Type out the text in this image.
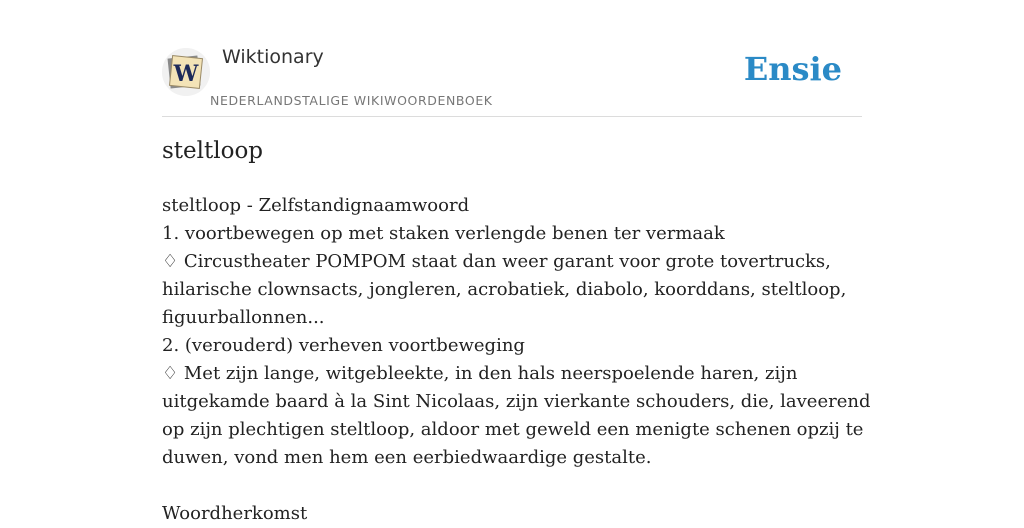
W
Wiktionary
NEDERLANDSTALIGE WIKIWOORDENBOEK
Ensie
steltloop

steltloop - Zelfstandignaamwoord

1. voortbewegen op met staken verlengde benen ter vermaak

♢ Circustheater POMPOM staat dan weer garant voor grote tovertrucks, hilarische clownsacts, jongleren, acrobatiek, diabolo, koorddans, steltloop, figuurballonnen...

2. (verouderd) verheven voortbeweging

♢ Met zijn lange, witgebleekte, in den hals neerspoelende haren, zijn uitgekamde baard à la Sint Nicolaas, zijn vierkante schouders, die, laveerend op zijn plechtigen steltloop, aldoor met geweld een menigte schenen opzij te duwen, vond men hem een eerbiedwaardige gestalte.

Woordherkomst
